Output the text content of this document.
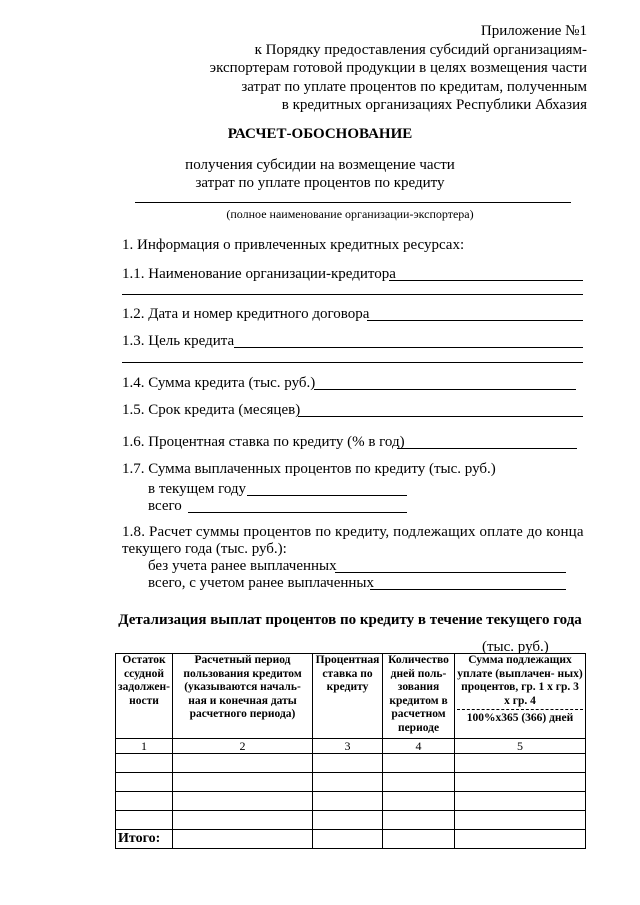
Приложение №1
к Порядку предоставления субсидий организациям-
экспортерам готовой продукции в целях возмещения части
затрат по уплате процентов по кредитам, полученным
в кредитных организациях Республики Абхазия
РАСЧЕТ-ОБОСНОВАНИЕ
получения субсидии на возмещение части
затрат по уплате процентов по кредиту
(полное наименование организации-экспортера)
1. Информация о привлеченных кредитных ресурсах:
1.1. Наименование организации-кредитора
1.2. Дата и номер кредитного договора
1.3. Цель кредита
1.4. Сумма кредита (тыс. руб.)
1.5. Срок кредита (месяцев)
1.6. Процентная ставка по кредиту (% в год)
1.7. Сумма выплаченных процентов по кредиту (тыс. руб.)
в текущем году
всего
1.8. Расчет суммы процентов по кредиту, подлежащих оплате до конца
текущего года (тыс. руб.):
без учета ранее выплаченных
всего, с учетом ранее выплаченных
Детализация выплат процентов по кредиту в течение текущего года
(тыс. руб.)
Остаток ссудной задолжен- ности	Расчетный период пользования кредитом (указываются началь- ная и конечная даты расчетного периода)	Процентная ставка по кредиту	Количество дней поль- зования кредитом в расчетном периоде	Сумма подлежащих уплате (выплачен- ных) процентов, гр. 1 x гр. 3 x гр. 4
100%x365 (366) дней

1	2	3	4	5

Итого:				
